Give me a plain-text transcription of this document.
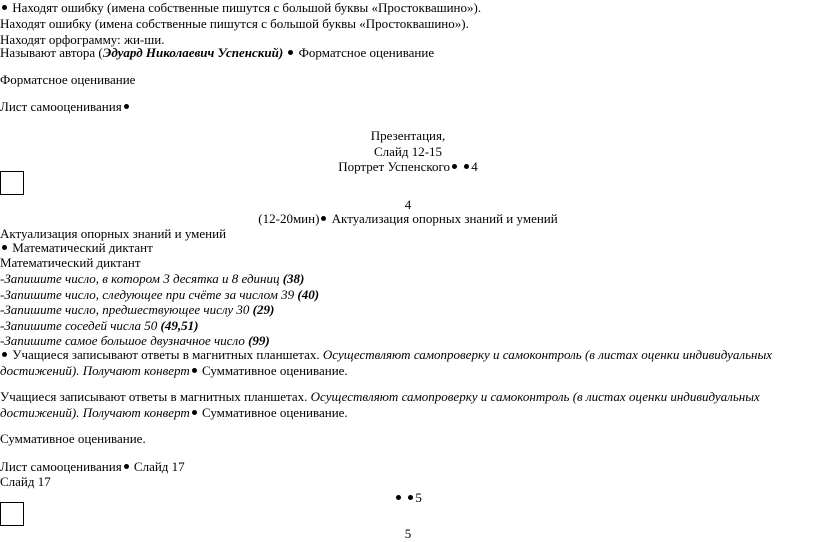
Находят ошибку (имена собственные пишутся с большой буквы «Простоквашино»).
Находят ошибку (имена собственные пишутся с большой буквы «Простоквашино»).
Находят орфограмму: жи-ши.
Называют автора (Эдуард Николаевич Успенский) Форматсное оценивание
Форматсное оценивание
Лист самооценивания
Презентация,
Слайд 12-15
Портрет Успенского 4
4
(12-20мин) Актуализация опорных знаний и умений
Актуализация опорных знаний и умений
Математический диктант
Математический диктант
-Запишите число, в котором 3 десятка и 8 единиц (38)
-Запишите число, следующее при счёте за числом 39 (40)
-Запишите число, предшествующее числу 30 (29)
-Запишите соседей числа 50 (49,51)
-Запишите самое большое двузначное число (99)
Учащиеся записывают ответы в магнитных планшетах. Осуществляют самопроверку и самоконтроль (в листах оценки индивидуальных
достижений). Получают конверт Суммативное оценивание.
Учащиеся записывают ответы в магнитных планшетах. Осуществляют самопроверку и самоконтроль (в листах оценки индивидуальных
достижений). Получают конверт Суммативное оценивание.
Суммативное оценивание.
Лист самооценивания Слайд 17
Слайд 17
5
5
